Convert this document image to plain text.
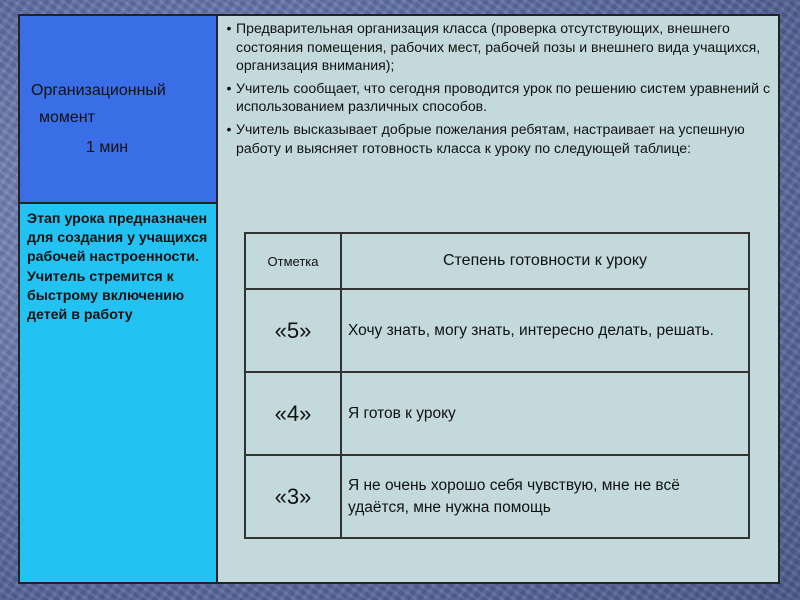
Организационный
момент
1 мин
Этап урока предназначен для создания у учащихся рабочей настроенности. Учитель стремится к быстрому включению детей в работу
• Предварительная организация класса (проверка отсутствующих, внешнего состояния помещения, рабочих мест, рабочей позы и внешнего вида учащихся, организация внимания);
• Учитель сообщает, что сегодня проводится урок по решению систем уравнений с использованием различных способов.
• Учитель высказывает добрые пожелания ребятам, настраивает на успешную работу и выясняет готовность класса к уроку по следующей таблице:
Отметка	Степень готовности к уроку
«5»	Хочу знать, могу знать, интересно делать, решать.
«4»	Я готов к уроку
«3»	Я не очень хорошо себя чувствую, мне не всё удаётся, мне нужна помощь
